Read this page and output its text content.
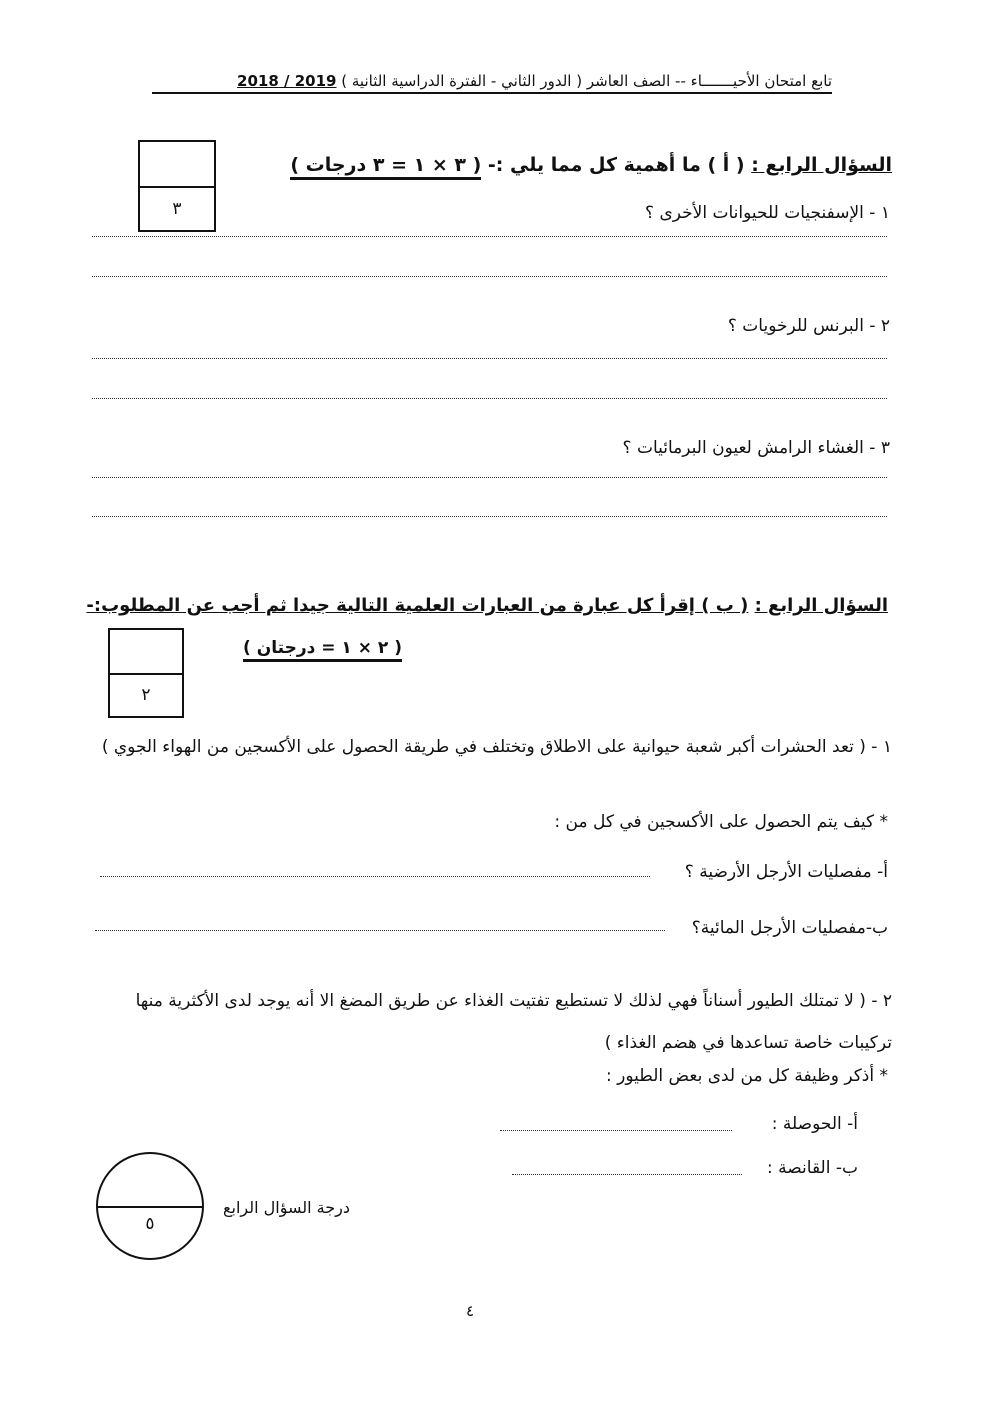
تابع امتحان الأحيـــــــاء -- الصف العاشر ( الدور الثاني - الفترة الدراسية الثانية ) 2019 / 2018
٣
السؤال الرابع : ( أ ) ما أهمية كل مما يلي :- ( ٣ × ١ = ٣ درجات )
١ - الإسفنجيات للحيوانات الأخرى ؟
٢ - البرنس للرخويات ؟
٣ - الغشاء الرامش لعيون البرمائيات ؟
السؤال الرابع : ( ب ) إقرأ كل عبارة من العبارات العلمية التالية جيدا ثم أجب عن المطلوب:-
٢
( ٢ × ١ = درجتان )
١ - ( تعد الحشرات أكبر شعبة حيوانية على الاطلاق وتختلف في طريقة الحصول على الأكسجين من الهواء الجوي )
* كيف يتم الحصول على الأكسجين في كل من :
أ- مفصليات الأرجل الأرضية ؟
ب-مفصليات الأرجل المائية؟
٢ - ( لا تمتلك الطيور أسناناً فهي لذلك لا تستطيع تفتيت الغذاء عن طريق المضغ الا أنه يوجد لدى الأكثرية منها تركيبات خاصة تساعدها في هضم الغذاء )
* أذكر وظيفة كل من لدى بعض الطيور :
أ- الحوصلة :
ب- القانصة :
٥
درجة السؤال الرابع
٤
